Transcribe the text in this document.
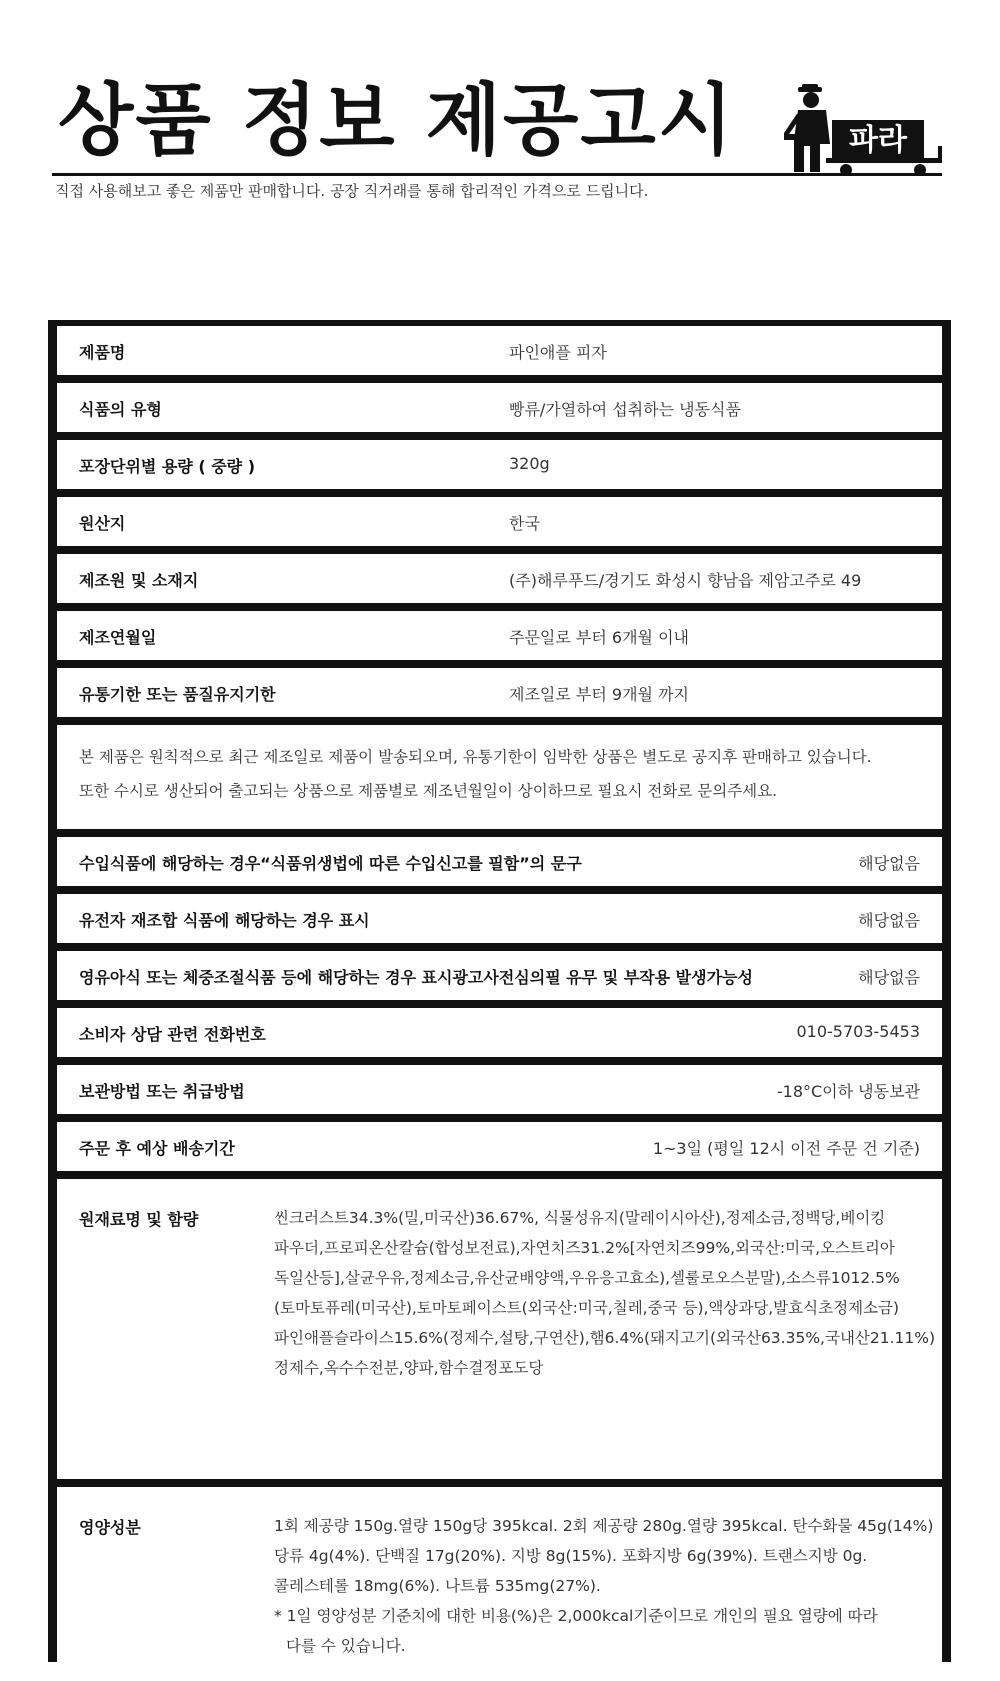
상품 정보 제공고시
직접 사용해보고 좋은 제품만 판매합니다. 공장 직거래를 통해 합리적인 가격으로 드립니다.
4 파라
제품명	파인애플 피자
식품의 유형	빵류/가열하여 섭취하는 냉동식품
포장단위별 용량 ( 중량 )	320g
원산지	한국
제조원 및 소재지	(주)해루푸드/경기도 화성시 향남읍 제암고주로 49
제조연월일	주문일로 부터 6개월 이내
유통기한 또는 품질유지기한	제조일로 부터 9개월 까지

본 제품은 원칙적으로 최근 제조일로 제품이 발송되오며, 유통기한이 임박한 상품은 별도로 공지후 판매하고 있습니다.

또한 수시로 생산되어 출고되는 상품으로 제품별로 제조년월일이 상이하므로 필요시 전화로 문의주세요.

수입식품에 해당하는 경우“식품위생법에 따른 수입신고를 필함”의 문구	해당없음
유전자 재조합 식품에 해당하는 경우 표시	해당없음
영유아식 또는 체중조절식품 등에 해당하는 경우 표시광고사전심의필 유무 및 부작용 발생가능성	해당없음
소비자 상담 관련 전화번호	010-5703-5453
보관방법 또는 취급방법	-18°C이하 냉동보관
주문 후 예상 배송기간	1~3일 (평일 12시 이전 주문 건 기준)
원재료명 및 함량	씬크러스트34.3%(밀,미국산)36.67%, 식물성유지(말레이시아산),정제소금,정백당,베이킹
파우더,프로피온산칼슘(합성보전료),자연치즈31.2%[자연치즈99%,외국산:미국,오스트리아
독일산등],살균우유,정제소금,유산균배양액,우유응고효소),셀룰로오스분말),소스류1012.5%
(토마토퓨레(미국산),토마토페이스트(외국산:미국,칠레,중국 등),액상과당,발효식초정제소금)
파인애플슬라이스15.6%(정제수,설탕,구연산),햄6.4%(돼지고기(외국산63.35%,국내산21.11%)
정제수,옥수수전분,양파,함수결정포도당
영양성분	1회 제공량 150g.열량 150g당 395kcal. 2회 제공량 280g.열량 395kcal. 탄수화물 45g(14%)
당류 4g(4%). 단백질 17g(20%). 지방 8g(15%). 포화지방 6g(39%). 트랜스지방 0g.
콜레스테롤 18mg(6%). 나트륨 535mg(27%).
* 1일 영양성분 기준치에 대한 비용(%)은 2,000kcal기준이므로 개인의 필요 열량에 따라
다를 수 있습니다.
